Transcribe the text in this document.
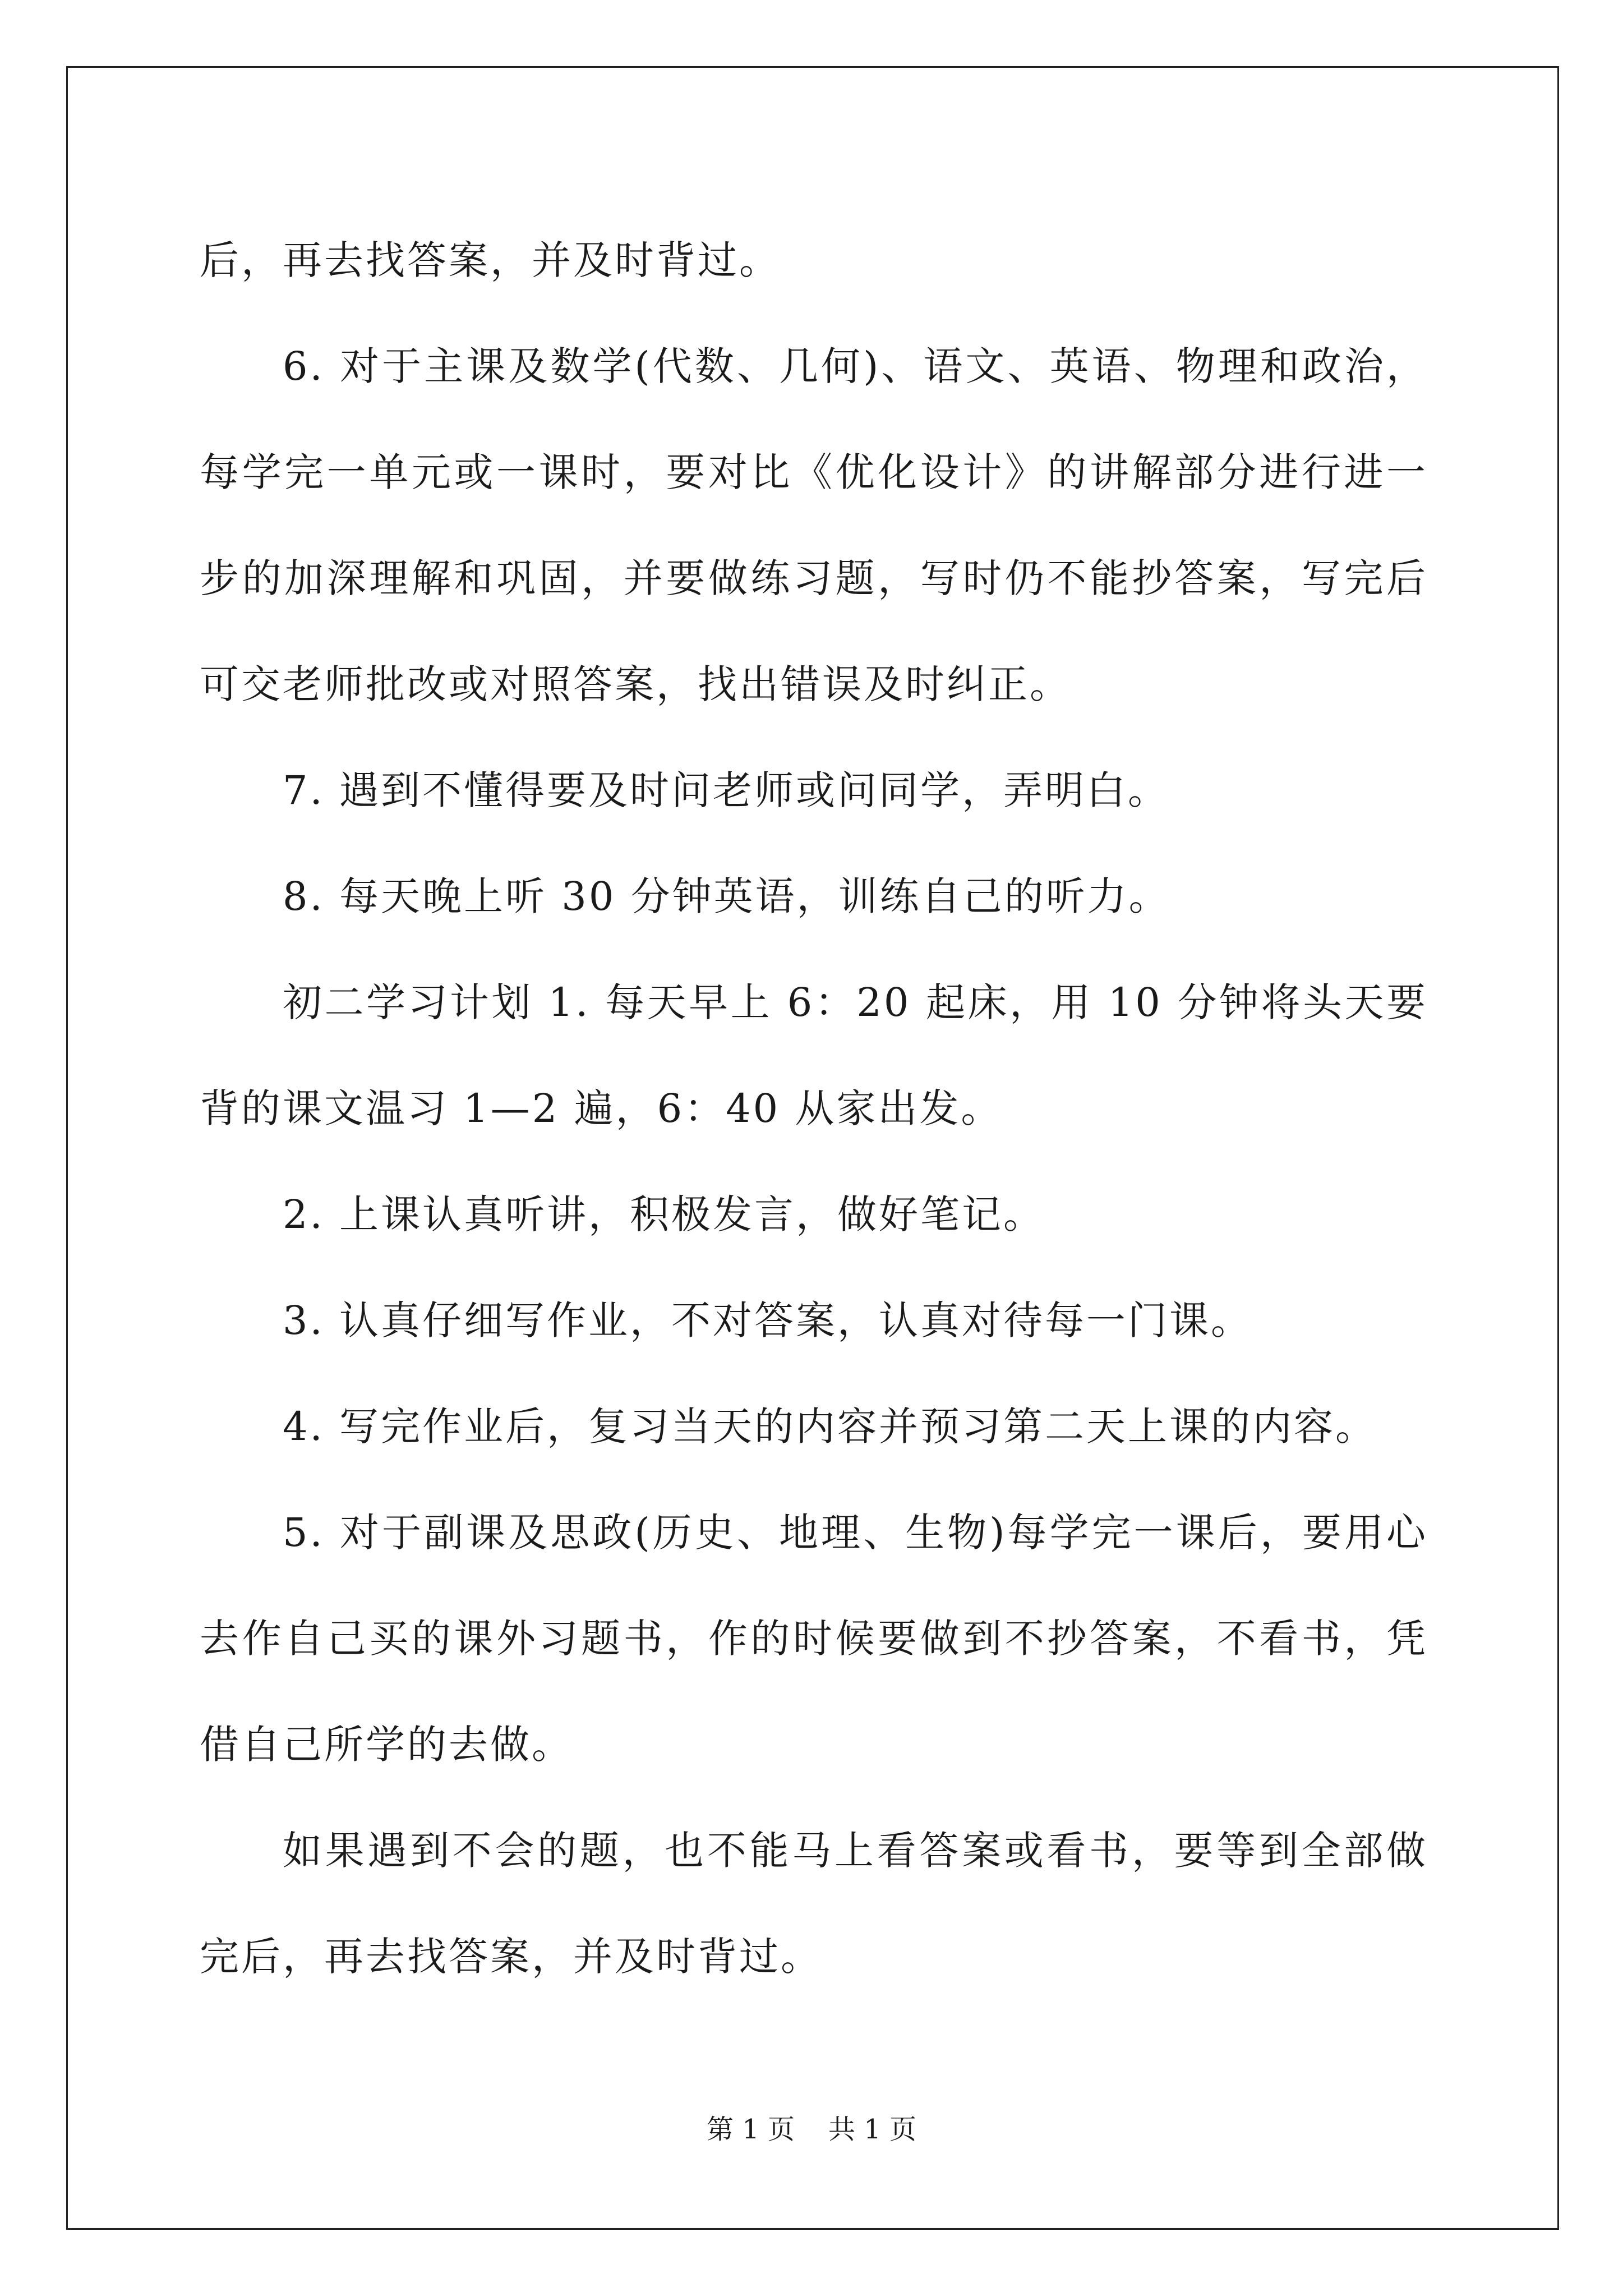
后，再去找答案，并及时背过。

6. 对于主课及数学(代数、几何)、语文、英语、物理和政治，每学完一单元或一课时，要对比《优化设计》的讲解部分进行进一步的加深理解和巩固，并要做练习题，写时仍不能抄答案，写完后可交老师批改或对照答案，找出错误及时纠正。

7. 遇到不懂得要及时问老师或问同学，弄明白。

8. 每天晚上听 30 分钟英语，训练自己的听力。

初二学习计划 1. 每天早上 6：20 起床，用 10 分钟将头天要背的课文温习 1—2 遍，6：40 从家出发。

2. 上课认真听讲，积极发言，做好笔记。

3. 认真仔细写作业，不对答案，认真对待每一门课。

4. 写完作业后，复习当天的内容并预习第二天上课的内容。

5. 对于副课及思政(历史、地理、生物)每学完一课后，要用心去作自己买的课外习题书，作的时候要做到不抄答案，不看书，凭借自己所学的去做。

如果遇到不会的题，也不能马上看答案或看书，要等到全部做完后，再去找答案，并及时背过。

第 1 页 共 1 页
